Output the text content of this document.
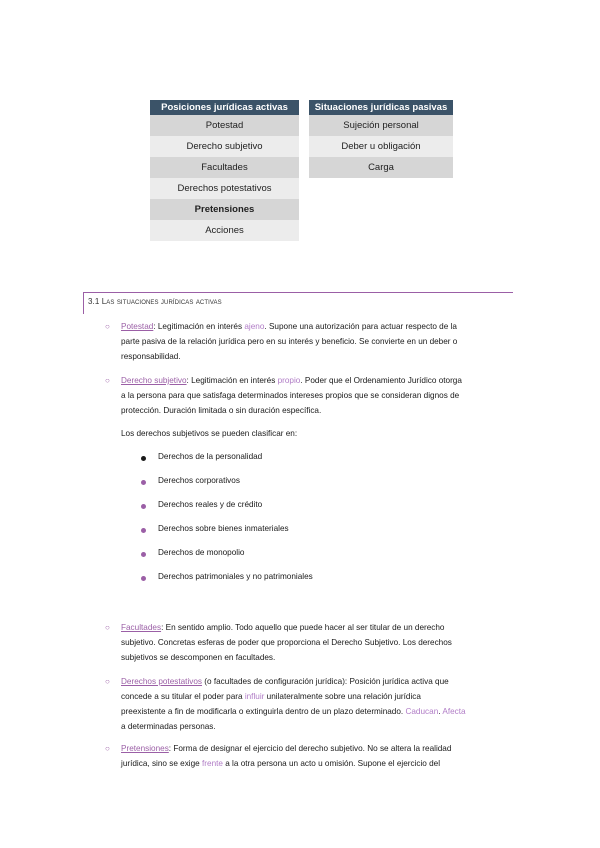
Posiciones jurídicas activas
Potestad
Derecho subjetivo
Facultades
Derechos potestativos
Pretensiones
Acciones
Situaciones jurídicas pasivas
Sujeción personal
Deber u obligación
Carga
3.1 Las situaciones jurídicas activas
○ Potestad: Legitimación en interés ajeno. Supone una autorización para actuar respecto de la
parte pasiva de la relación jurídica pero en su interés y beneficio. Se convierte en un deber o
responsabilidad.
○ Derecho subjetivo: Legitimación en interés propio. Poder que el Ordenamiento Jurídico otorga
a la persona para que satisfaga determinados intereses propios que se consideran dignos de
protección. Duración limitada o sin duración específica.
Los derechos subjetivos se pueden clasificar en:
Derechos de la personalidad
Derechos corporativos
Derechos reales y de crédito
Derechos sobre bienes inmateriales
Derechos de monopolio
Derechos patrimoniales y no patrimoniales
○ Facultades: En sentido amplio. Todo aquello que puede hacer al ser titular de un derecho
subjetivo. Concretas esferas de poder que proporciona el Derecho Subjetivo. Los derechos
subjetivos se descomponen en facultades.
○ Derechos potestativos (o facultades de configuración jurídica): Posición jurídica activa que
concede a su titular el poder para influir unilateralmente sobre una relación jurídica
preexistente a fin de modificarla o extinguirla dentro de un plazo determinado. Caducan. Afecta
a determinadas personas.
○ Pretensiones: Forma de designar el ejercicio del derecho subjetivo. No se altera la realidad
jurídica, sino se exige frente a la otra persona un acto u omisión. Supone el ejercicio del
